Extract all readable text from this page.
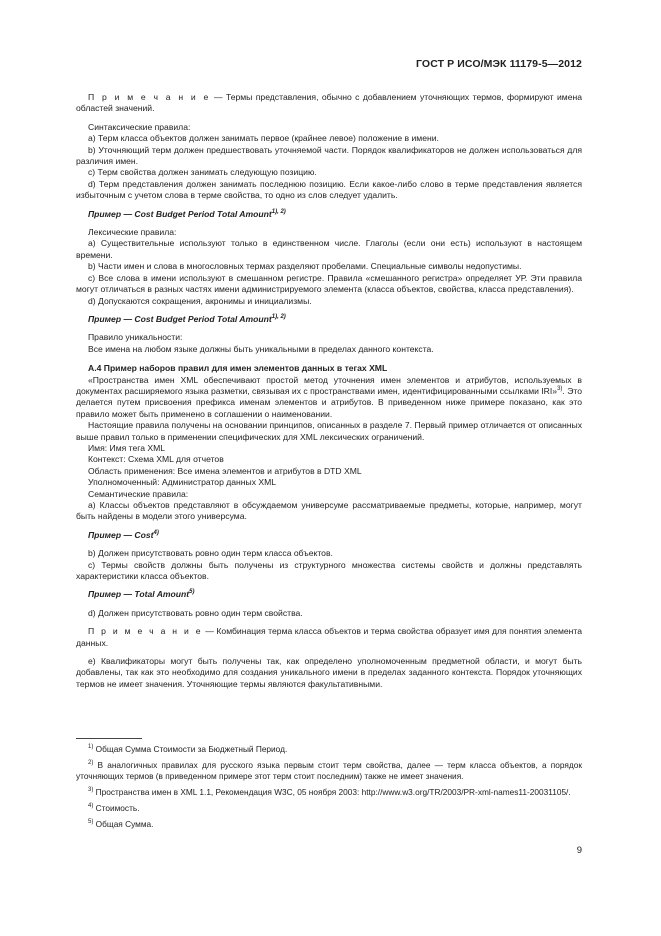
ГОСТ Р ИСО/МЭК 11179-5—2012

П р и м е ч а н и е — Термы представления, обычно с добавлением уточняющих термов, формируют имена областей значений.

Синтаксические правила:

а) Терм класса объектов должен занимать первое (крайнее левое) положение в имени.

b) Уточняющий терм должен предшествовать уточняемой части. Порядок квалификаторов не должен использоваться для различия имен.

с) Терм свойства должен занимать следующую позицию.

d) Терм представления должен занимать последнюю позицию. Если какое-либо слово в терме представления является избыточным с учетом слова в терме свойства, то одно из слов следует удалить.

Пример — Cost Budget Period Total Amount$^{1), 2)}$

Лексические правила:

а) Существительные используют только в единственном числе. Глаголы (если они есть) используют в настоящем времени.

b) Части имен и слова в многословных термах разделяют пробелами. Специальные символы недопустимы.

с) Все слова в имени используют в смешанном регистре. Правила «смешанного регистра» определяет УР. Эти правила могут отличаться в разных частях имени администрируемого элемента (класса объектов, свойства, класса представления).

d) Допускаются сокращения, акронимы и инициализмы.

Пример — Cost Budget Period Total Amount$^{1), 2)}$

Правило уникальности:

Все имена на любом языке должны быть уникальными в пределах данного контекста.

А.4 Пример наборов правил для имен элементов данных в тегах XML

«Пространства имен XML обеспечивают простой метод уточнения имен элементов и атрибутов, используемых в документах расширяемого языка разметки, связывая их с пространствами имен, идентифицированными ссылками IRI»$^{3)}$. Это делается путем присвоения префикса именам элементов и атрибутов. В приведенном ниже примере показано, как это правило может быть применено в соглашении о наименовании.

Настоящие правила получены на основании принципов, описанных в разделе 7. Первый пример отличается от описанных выше правил только в применении специфических для XML лексических ограничений.

Имя: Имя тега XML

Контекст: Схема XML для отчетов

Область применения: Все имена элементов и атрибутов в DTD XML

Уполномоченный: Администратор данных XML

Семантические правила:

а) Классы объектов представляют в обсуждаемом универсуме рассматриваемые предметы, которые, например, могут быть найдены в модели этого универсума.

Пример — Cost$^{4)}$

b) Должен присутствовать ровно один терм класса объектов.

с) Термы свойств должны быть получены из структурного множества системы свойств и должны представлять характеристики класса объектов.

Пример — Total Amount$^{5)}$

d) Должен присутствовать ровно один терм свойства.

П р и м е ч а н и е — Комбинация терма класса объектов и терма свойства образует имя для понятия элемента данных.

е) Квалификаторы могут быть получены так, как определено уполномоченным предметной области, и могут быть добавлены, так как это необходимо для создания уникального имени в пределах заданного контекста. Порядок уточняющих термов не имеет значения. Уточняющие термы являются факультативными.

$^{1)}$ Общая Сумма Стоимости за Бюджетный Период.

$^{2)}$ В аналогичных правилах для русского языка первым стоит терм свойства, далее — терм класса объектов, а порядок уточняющих термов (в приведенном примере этот терм стоит последним) также не имеет значения.

$^{3)}$ Пространства имен в XML 1.1, Рекомендация W3C, 05 ноября 2003: http://www.w3.org/TR/2003/PR-xml-names11-20031105/.

$^{4)}$ Стоимость.

$^{5)}$ Общая Сумма.

9
